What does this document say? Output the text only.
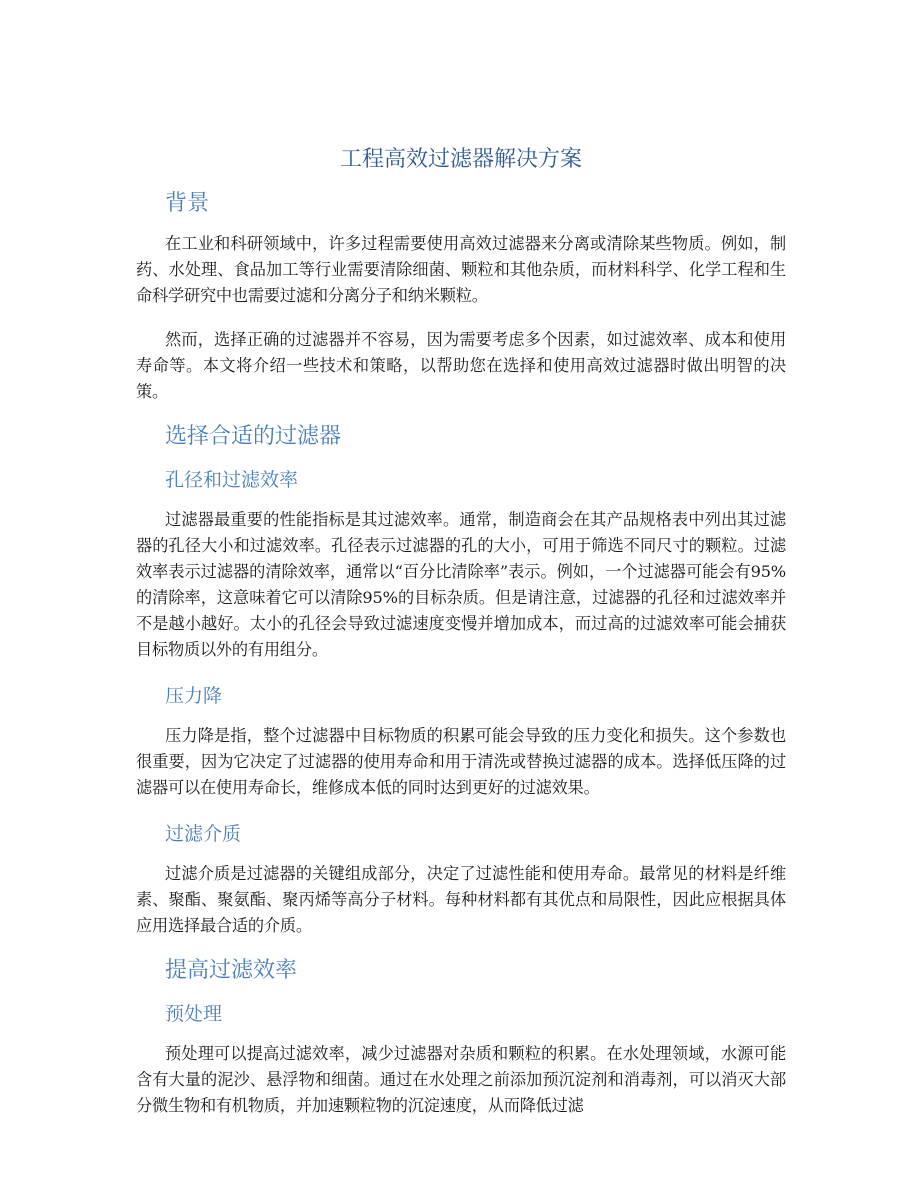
工程高效过滤器解决方案
背景

在工业和科研领域中，许多过程需要使用高效过滤器来分离或清除某些物质。例如，制药、水处理、食品加工等行业需要清除细菌、颗粒和其他杂质，而材料科学、化学工程和生命科学研究中也需要过滤和分离分子和纳米颗粒。

然而，选择正确的过滤器并不容易，因为需要考虑多个因素，如过滤效率、成本和使用寿命等。本文将介绍一些技术和策略，以帮助您在选择和使用高效过滤器时做出明智的决策。

选择合适的过滤器
孔径和过滤效率

过滤器最重要的性能指标是其过滤效率。通常，制造商会在其产品规格表中列出其过滤器的孔径大小和过滤效率。孔径表示过滤器的孔的大小，可用于筛选不同尺寸的颗粒。过滤效率表示过滤器的清除效率，通常以“百分比清除率”表示。例如，一个过滤器可能会有95%的清除率，这意味着它可以清除95%的目标杂质。但是请注意，过滤器的孔径和过滤效率并不是越小越好。太小的孔径会导致过滤速度变慢并增加成本，而过高的过滤效率可能会捕获目标物质以外的有用组分。

压力降

压力降是指，整个过滤器中目标物质的积累可能会导致的压力变化和损失。这个参数也很重要，因为它决定了过滤器的使用寿命和用于清洗或替换过滤器的成本。选择低压降的过滤器可以在使用寿命长，维修成本低的同时达到更好的过滤效果。

过滤介质

过滤介质是过滤器的关键组成部分，决定了过滤性能和使用寿命。最常见的材料是纤维素、聚酯、聚氨酯、聚丙烯等高分子材料。每种材料都有其优点和局限性，因此应根据具体应用选择最合适的介质。

提高过滤效率
预处理

预处理可以提高过滤效率，减少过滤器对杂质和颗粒的积累。在水处理领域，水源可能含有大量的泥沙、悬浮物和细菌。通过在水处理之前添加预沉淀剂和消毒剂，可以消灭大部分微生物和有机物质，并加速颗粒物的沉淀速度，从而降低过滤
